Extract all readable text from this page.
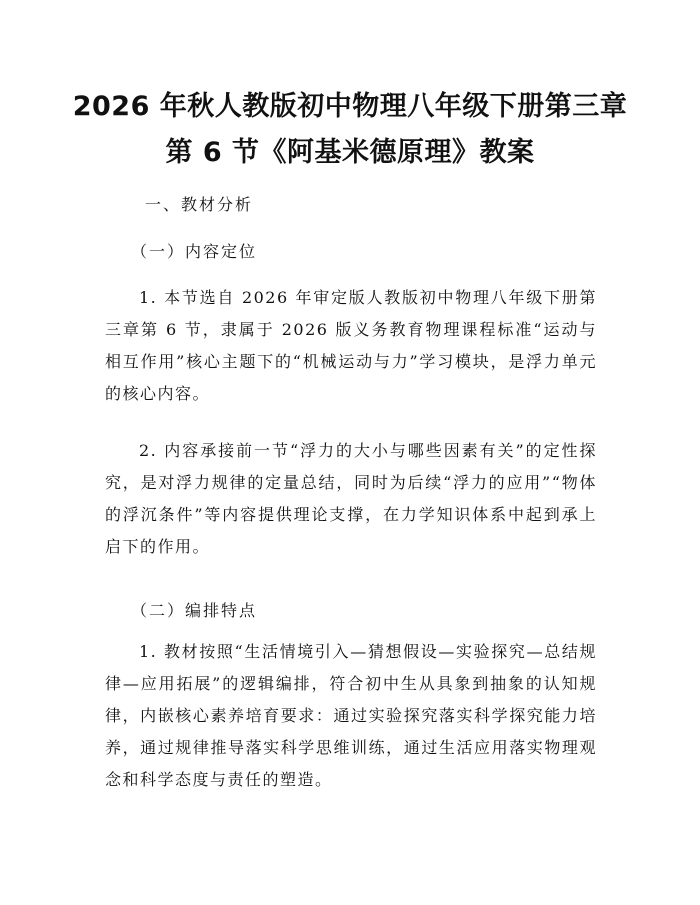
2026 年秋人教版初中物理八年级下册第三章
第 6 节《阿基米德原理》教案
一、教材分析
（一）内容定位

1. 本节选自 2026 年审定版人教版初中物理八年级下册第三章第 6 节，隶属于 2026 版义务教育物理课程标准“运动与相互作用”核心主题下的“机械运动与力”学习模块，是浮力单元的核心内容。

2. 内容承接前一节“浮力的大小与哪些因素有关”的定性探究，是对浮力规律的定量总结，同时为后续“浮力的应用”“物体的浮沉条件”等内容提供理论支撑，在力学知识体系中起到承上启下的作用。

（二）编排特点

1. 教材按照“生活情境引入—猜想假设—实验探究—总结规律—应用拓展”的逻辑编排，符合初中生从具象到抽象的认知规律，内嵌核心素养培育要求：通过实验探究落实科学探究能力培养，通过规律推导落实科学思维训练，通过生活应用落实物理观念和科学态度与责任的塑造。
